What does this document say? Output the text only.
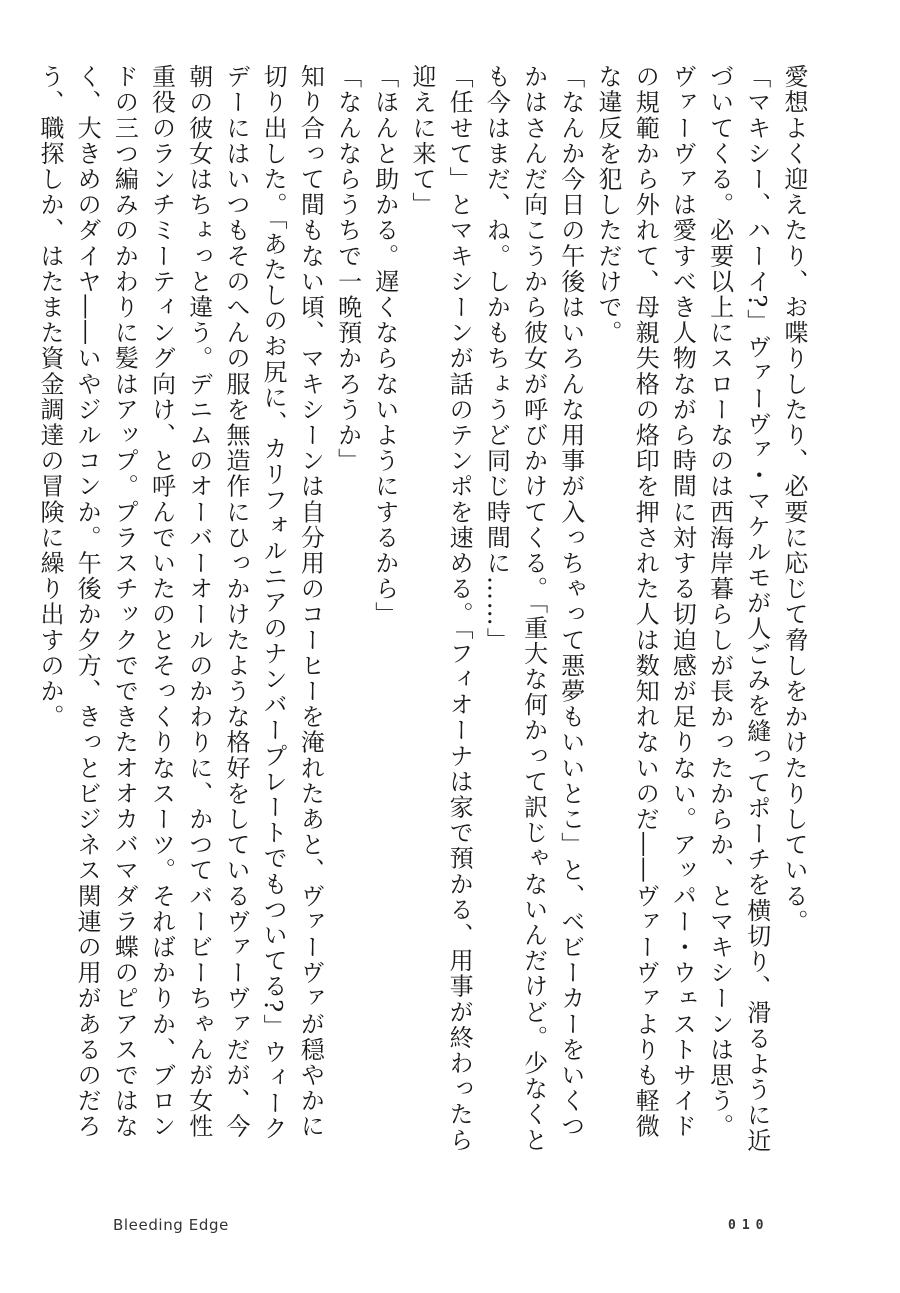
愛想よく迎えたり、お喋りしたり、必要に応じて脅しをかけたりしている。

「マキシー、ハーイ?」ヴァーヴァ・マケルモが人ごみを縫ってポーチを横切り、滑るように近づいてくる。必要以上にスローなのは西海岸暮らしが長かったからか、とマキシーンは思う。ヴァーヴァは愛すべき人物ながら時間に対する切迫感が足りない。アッパー・ウェストサイドの規範から外れて、母親失格の烙印を押された人は数知れないのだ――ヴァーヴァよりも軽微な違反を犯しただけで。

「なんか今日の午後はいろんな用事が入っちゃって悪夢もいいとこ」と、ベビーカーをいくつかはさんだ向こうから彼女が呼びかけてくる。「重大な何かって訳じゃないんだけど。少なくとも今はまだ、ね。しかもちょうど同じ時間に……」

「任せて」とマキシーンが話のテンポを速める。「フィオーナは家で預かる、用事が終わったら迎えに来て」

「ほんと助かる。遅くならないようにするから」

「なんならうちで一晩預かろうか」

知り合って間もない頃、マキシーンは自分用のコーヒーを淹れたあと、ヴァーヴァが穏やかに切り出した。「あたしのお尻に、カリフォルニアのナンバープレートでもついてる?」ウィークデーにはいつもそのへんの服を無造作にひっかけたような格好をしているヴァーヴァだが、今朝の彼女はちょっと違う。デニムのオーバーオールのかわりに、かつてバービーちゃんが女性重役のランチミーティング向け、と呼んでいたのとそっくりなスーツ。そればかりか、ブロンドの三つ編みのかわりに髪はアップ。プラスチックでできたオオカバマダラ蝶のピアスではなく、大きめのダイヤ――いやジルコンか。午後か夕方、きっとビジネス関連の用があるのだろう、職探しか、はたまた資金調達の冒険に繰り出すのか。

Bleeding Edge	010
